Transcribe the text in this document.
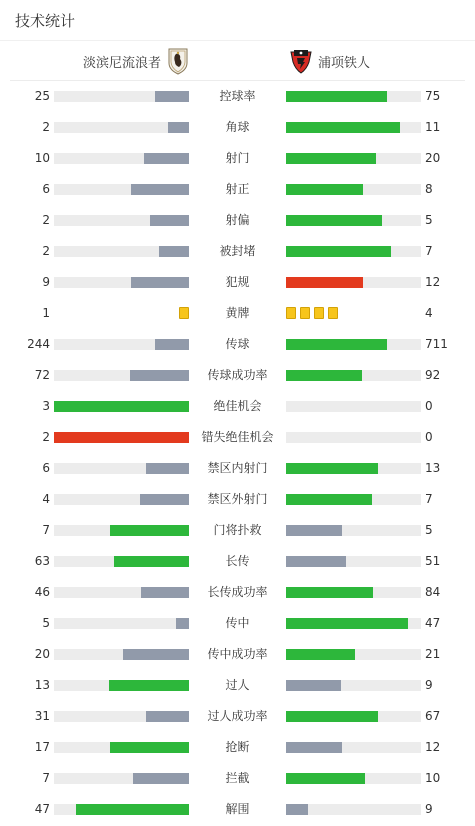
技术统计
淡滨尼流浪者	浦项铁人
25	控球率	75
2	角球	11
10	射门	20
6	射正	8
2	射偏	5
2	被封堵	7
9	犯规	12
1	黄牌	4
244	传球	711
72	传球成功率	92
3	绝佳机会	0
2	错失绝佳机会	0
6	禁区内射门	13
4	禁区外射门	7
7	门将扑救	5
63	长传	51
46	长传成功率	84
5	传中	47
20	传中成功率	21
13	过人	9
31	过人成功率	67
17	抢断	12
7	拦截	10
47	解围	9
